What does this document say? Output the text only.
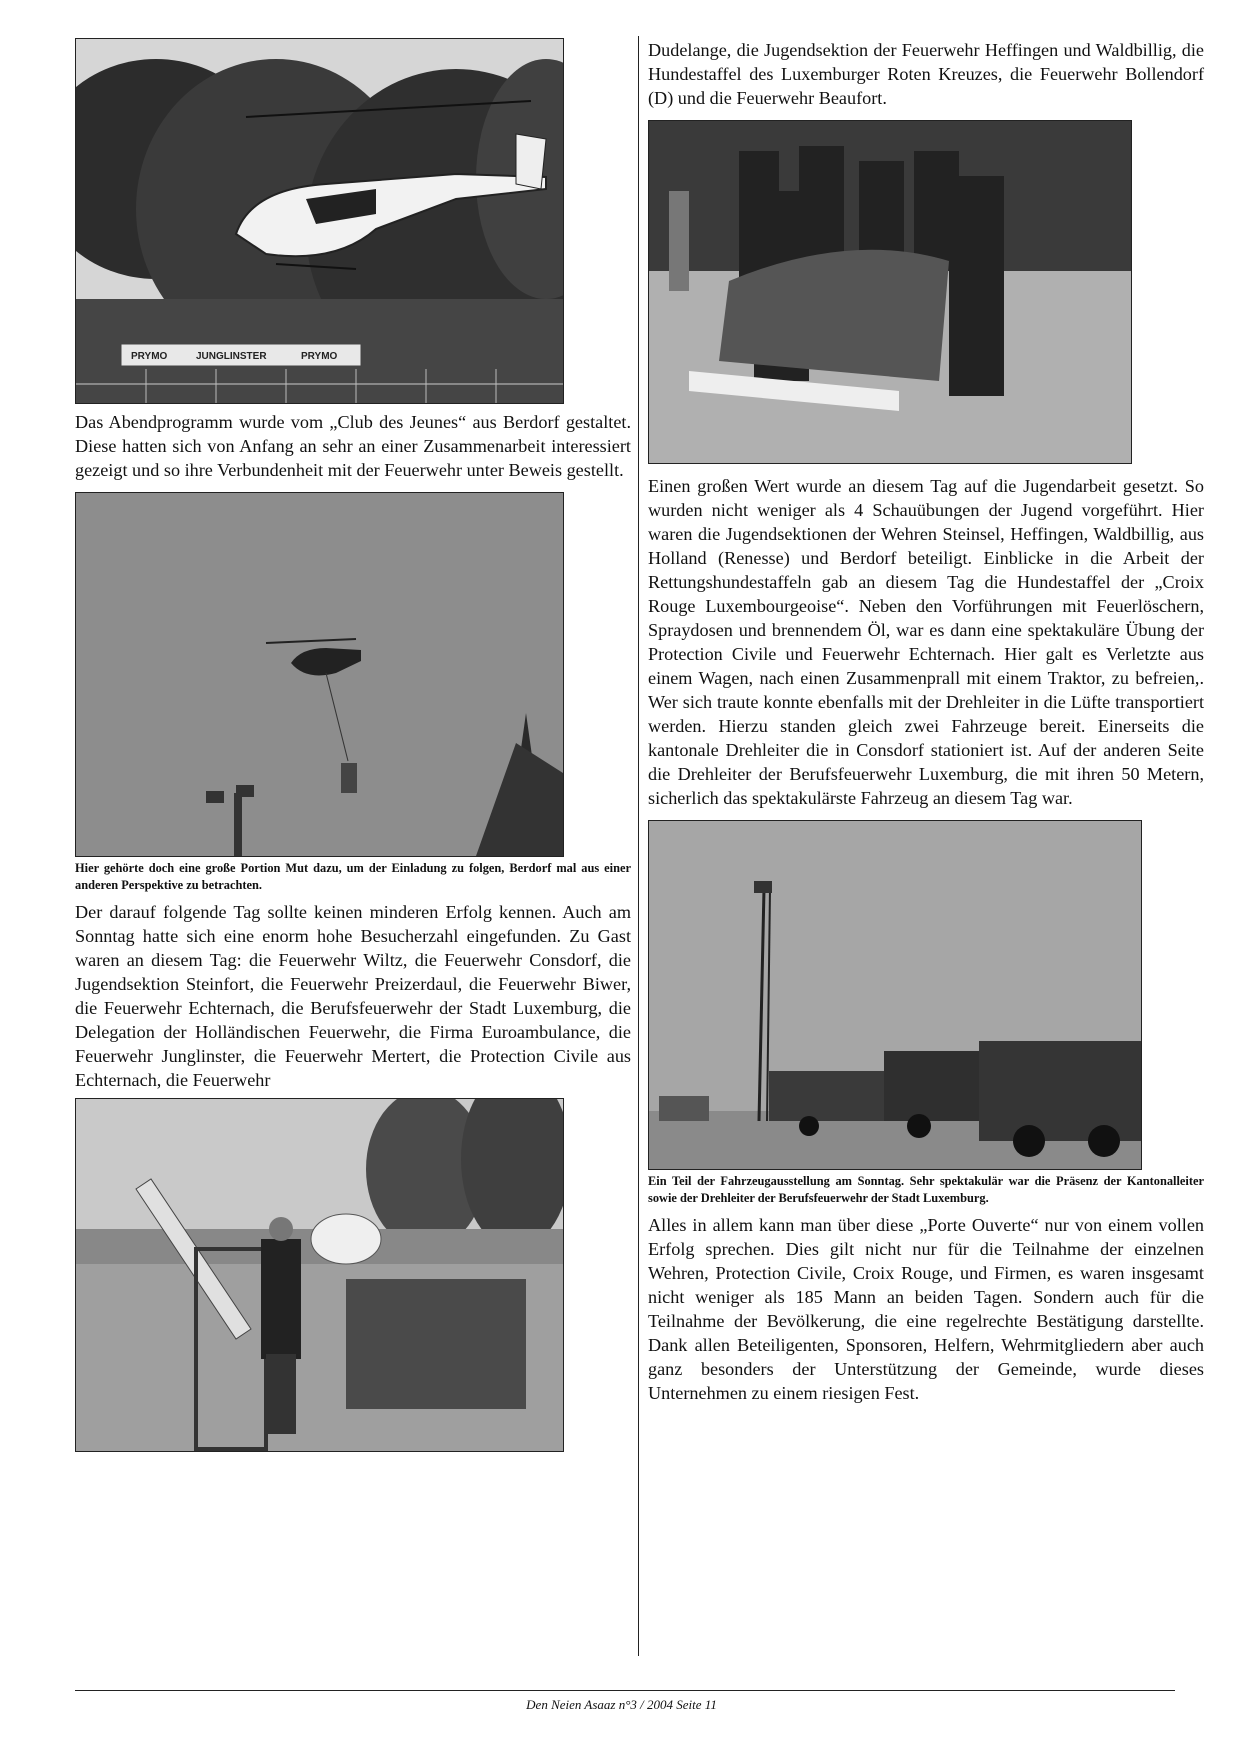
PRYMO	JUNGLINSTER	PRYMO

Das Abendprogramm wurde vom „Club des Jeunes“ aus Berdorf gestaltet. Diese hatten sich von Anfang an sehr an einer Zusammenarbeit interessiert gezeigt und so ihre Verbundenheit mit der Feuerwehr unter Beweis gestellt.

Hier gehörte doch eine große Portion Mut dazu, um der Einladung zu folgen, Berdorf mal aus einer anderen Perspektive zu betrachten.

Der darauf folgende Tag sollte keinen minderen Erfolg kennen. Auch am Sonntag hatte sich eine enorm hohe Besucherzahl eingefunden. Zu Gast waren an diesem Tag: die Feuerwehr Wiltz, die Feuerwehr Consdorf, die Jugendsektion Steinfort, die Feuerwehr Preizerdaul, die Feuerwehr Biwer, die Feuerwehr Echternach, die Berufsfeuerwehr der Stadt Luxemburg, die Delegation der Holländischen Feuerwehr, die Firma Euroambulance, die Feuerwehr Junglinster, die Feuerwehr Mertert, die Protection Civile aus Echternach, die Feuerwehr

Dudelange, die Jugendsektion der Feuerwehr Heffingen und Waldbillig, die Hundestaffel des Luxemburger Roten Kreuzes, die Feuerwehr Bollendorf (D) und die Feuerwehr Beaufort.

Einen großen Wert wurde an diesem Tag auf die Jugendarbeit gesetzt. So wurden nicht weniger als 4 Schauübungen der Jugend vorgeführt. Hier waren die Jugendsektionen der Wehren Steinsel, Heffingen, Waldbillig, aus Holland (Renesse) und Berdorf beteiligt. Einblicke in die Arbeit der Rettungshundestaffeln gab an diesem Tag die Hundestaffel der „Croix Rouge Luxembourgeoise“. Neben den Vorführungen mit Feuerlöschern, Spraydosen und brennendem Öl, war es dann eine spektakuläre Übung der Protection Civile und Feuerwehr Echternach. Hier galt es Verletzte aus einem Wagen, nach einen Zusammenprall mit einem Traktor, zu befreien,. Wer sich traute konnte ebenfalls mit der Drehleiter in die Lüfte transportiert werden. Hierzu standen gleich zwei Fahrzeuge bereit. Einerseits die kantonale Drehleiter die in Consdorf stationiert ist. Auf der anderen Seite die Drehleiter der Berufsfeuerwehr Luxemburg, die mit ihren 50 Metern, sicherlich das spektakulärste Fahrzeug an diesem Tag war.

Ein Teil der Fahrzeugausstellung am Sonntag. Sehr spektakulär war die Präsenz der Kantonalleiter sowie der Drehleiter der Berufsfeuerwehr der Stadt Luxemburg.

Alles in allem kann man über diese „Porte Ouverte“ nur von einem vollen Erfolg sprechen. Dies gilt nicht nur für die Teilnahme der einzelnen Wehren, Protection Civile, Croix Rouge, und Firmen, es waren insgesamt nicht weniger als 185 Mann an beiden Tagen. Sondern auch für die Teilnahme der Bevölkerung, die eine regelrechte Bestätigung darstellte. Dank allen Beteiligenten, Sponsoren, Helfern, Wehrmitgliedern aber auch ganz besonders der Unterstützung der Gemeinde, wurde dieses Unternehmen zu einem riesigen Fest.

Den Neien Asaaz n°3 / 2004 Seite 11
